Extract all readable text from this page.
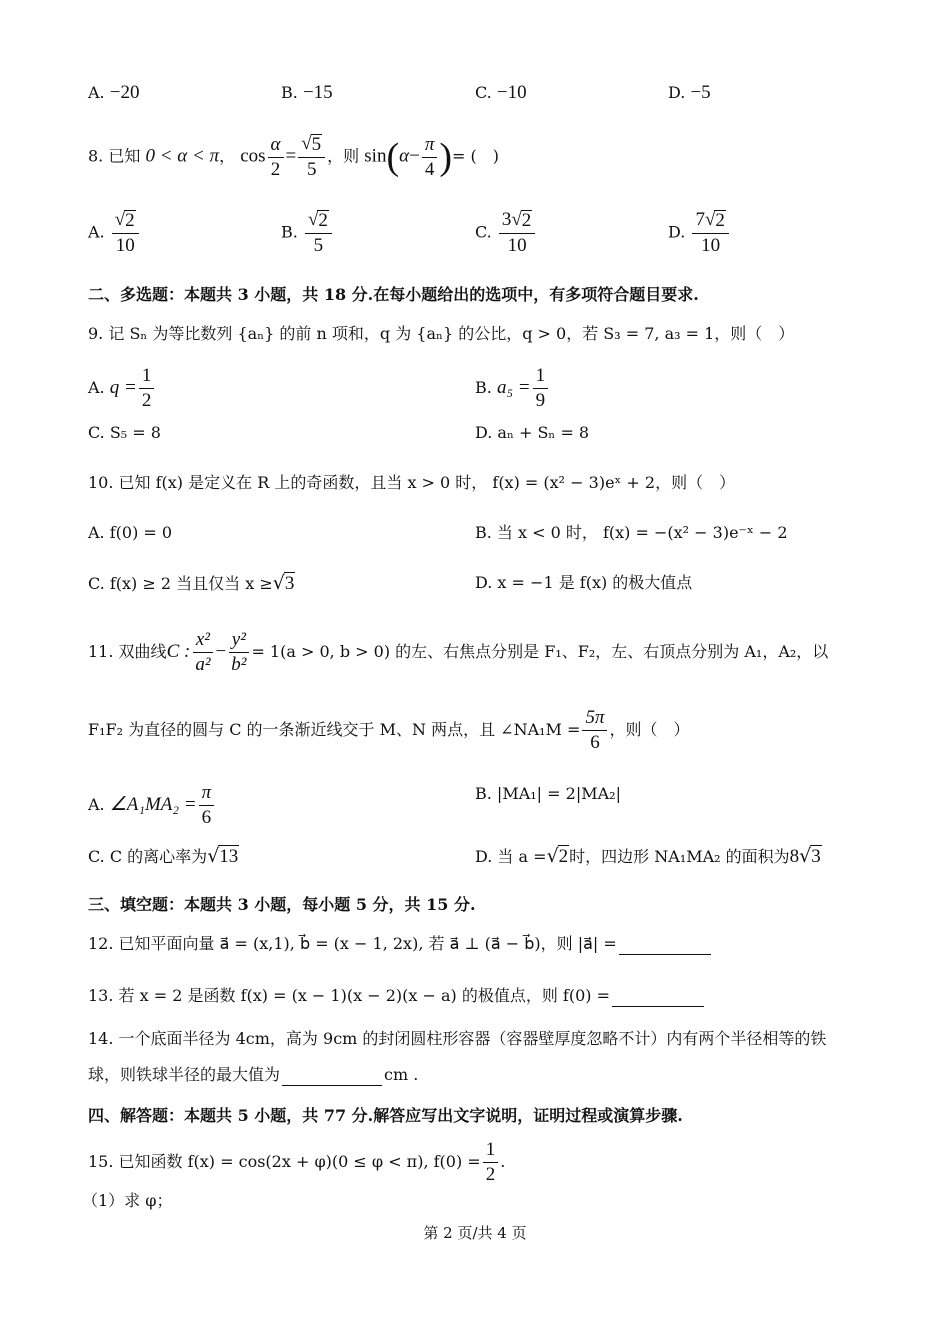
A. −20	B. −15	C. −10	D. −5
8. 已知 0 < α < π， $\cos \frac{\alpha}{2} = \frac{√ 5}{5}$ ，则 $\sin(\alpha- \frac{\pi}{4}$ )= (　)
A. $\frac{√ 2}{10}$	B. $\frac{√ 2}{5}$	C. $\frac{3 √ 2}{10}$	D. $\frac{7 √ 2}{10}$
二、多选题：本题共 3 小题，共 18 分.在每小题给出的选项中，有多项符合题目要求.
9. 记 Sₙ 为等比数列 {aₙ} 的前 n 项和，q 为 {aₙ} 的公比，q > 0，若 S₃ = 7, a₃ = 1，则（　）
A. $q = \frac{1}{2}$	B. $a_5 = \frac{1}{9}$
C. S₅ = 8	D. aₙ + Sₙ = 8
10. 已知 f(x) 是定义在 R 上的奇函数，且当 x > 0 时， f(x) = (x² − 3)eˣ + 2，则（　）
A. f(0) = 0	B. 当 x < 0 时， f(x) = −(x² − 3)e⁻ˣ − 2
C. f(x) ≥ 2 当且仅当 x ≥ √ 3	D. x = −1 是 f(x) 的极大值点
11. 双曲线C : $\frac{\text{x²}}{\text{a²}} - \frac{\text{y²}}{\text{b²}} = 1(a > 0$, b > 0) 的左、右焦点分别是 F₁、F₂，左、右顶点分别为 A₁，A₂，以
F₁F₂ 为直径的圆与 C 的一条渐近线交于 M、N 两点，且 ∠NA₁M = $\frac{5\pi}{6}$ ，则（　）
A. ∠A₁MA₂ = $\frac{\pi}{6}$	B. |MA₁| = 2|MA₂|
C. C 的离心率为 √ 13	D. 当 a = √ 2 时，四边形 NA₁MA₂ 的面积为8 √ 3
三、填空题：本题共 3 小题，每小题 5 分，共 15 分.
12. 已知平面向量 a⃗ = (x,1), b⃗ = (x − 1, 2x), 若 a⃗ ⊥ (a⃗ − b⃗)，则 |a⃗| =
13. 若 x = 2 是函数 f(x) = (x − 1)(x − 2)(x − a) 的极值点，则 f(0) =
14. 一个底面半径为 4cm，高为 9cm 的封闭圆柱形容器（容器壁厚度忽略不计）内有两个半径相等的铁
球，则铁球半径的最大值为	cm .
四、解答题：本题共 5 小题，共 77 分.解答应写出文字说明，证明过程或演算步骤.
15. 已知函数 f(x) = cos(2x + φ)(0 ≤ φ < π), $f(0) = \frac{1}{2}$ .
（1）求 φ；
第 2 页/共 4 页
